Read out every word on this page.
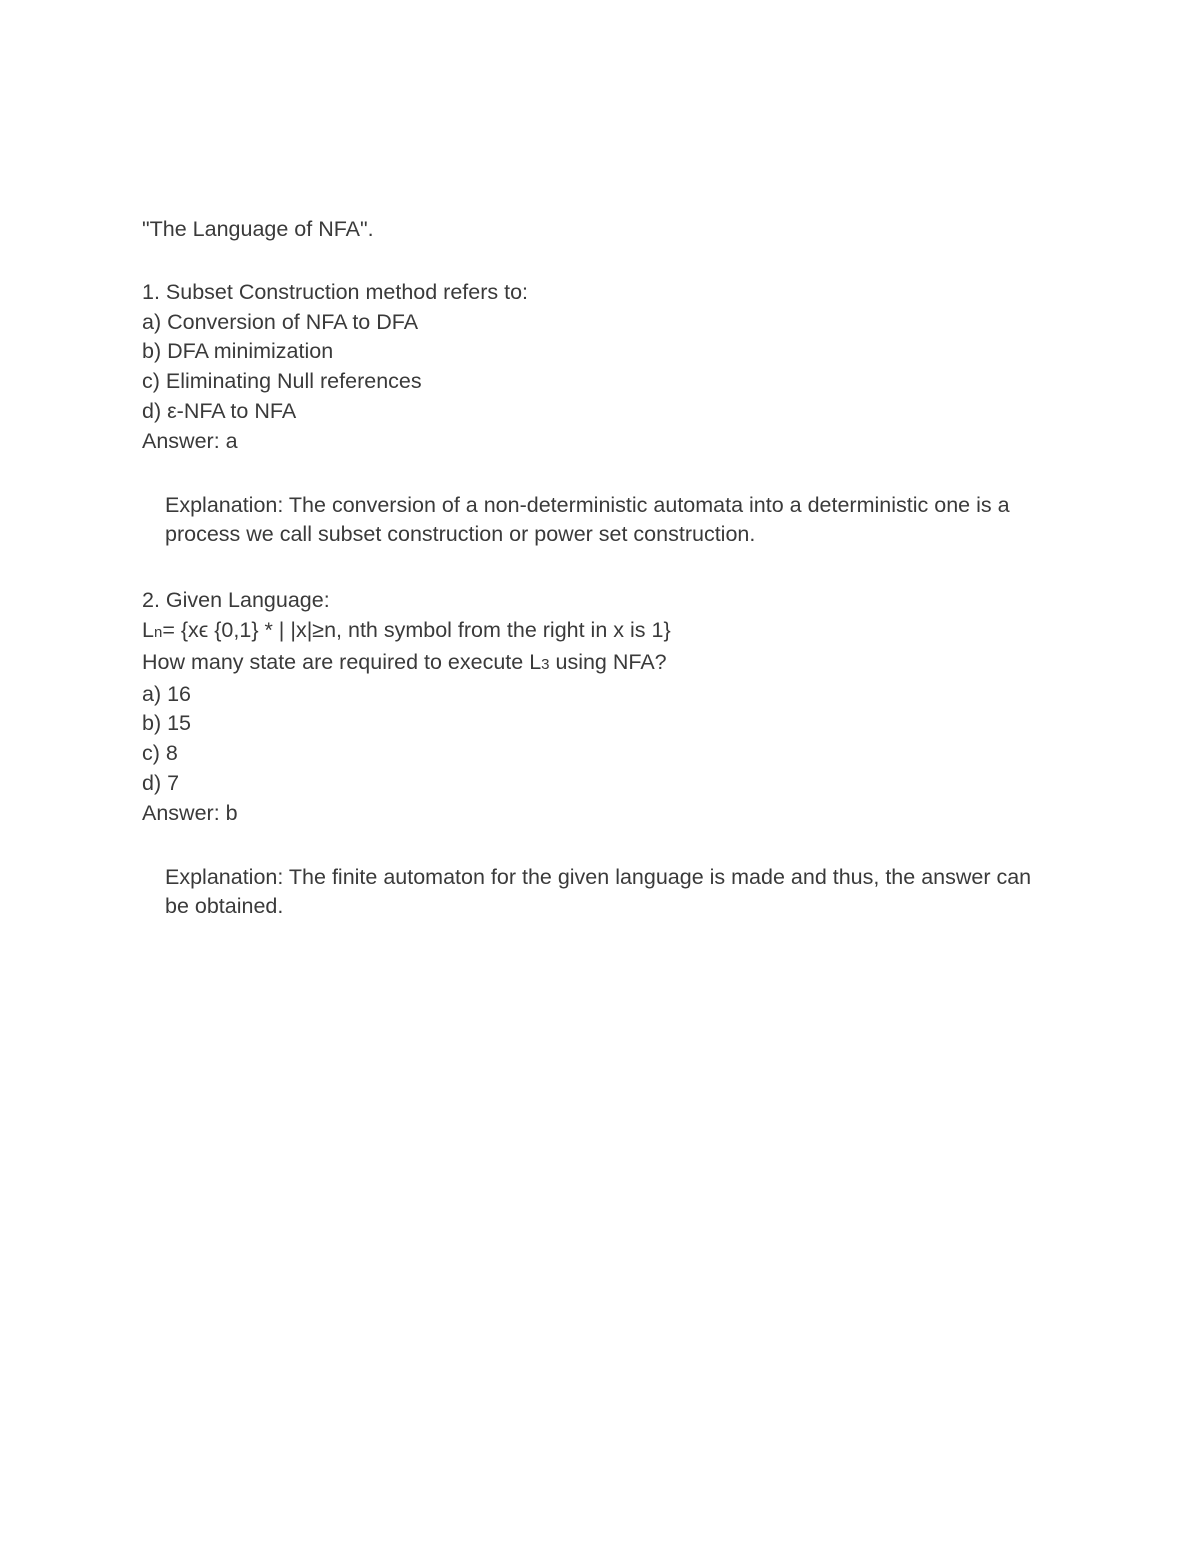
"The Language of NFA".
1. Subset Construction method refers to:
a) Conversion of NFA to DFA
b) DFA minimization
c) Eliminating Null references
d) ε-NFA to NFA
Answer: a
Explanation: The conversion of a non-deterministic automata into a deterministic one is a process we call subset construction or power set construction.
2. Given Language:
Ln= {xϵ {0,1} * | |x|≥n, nth symbol from the right in x is 1}
How many state are required to execute L3 using NFA?
a) 16
b) 15
c) 8
d) 7
Answer: b
Explanation: The finite automaton for the given language is made and thus, the answer can be obtained.
